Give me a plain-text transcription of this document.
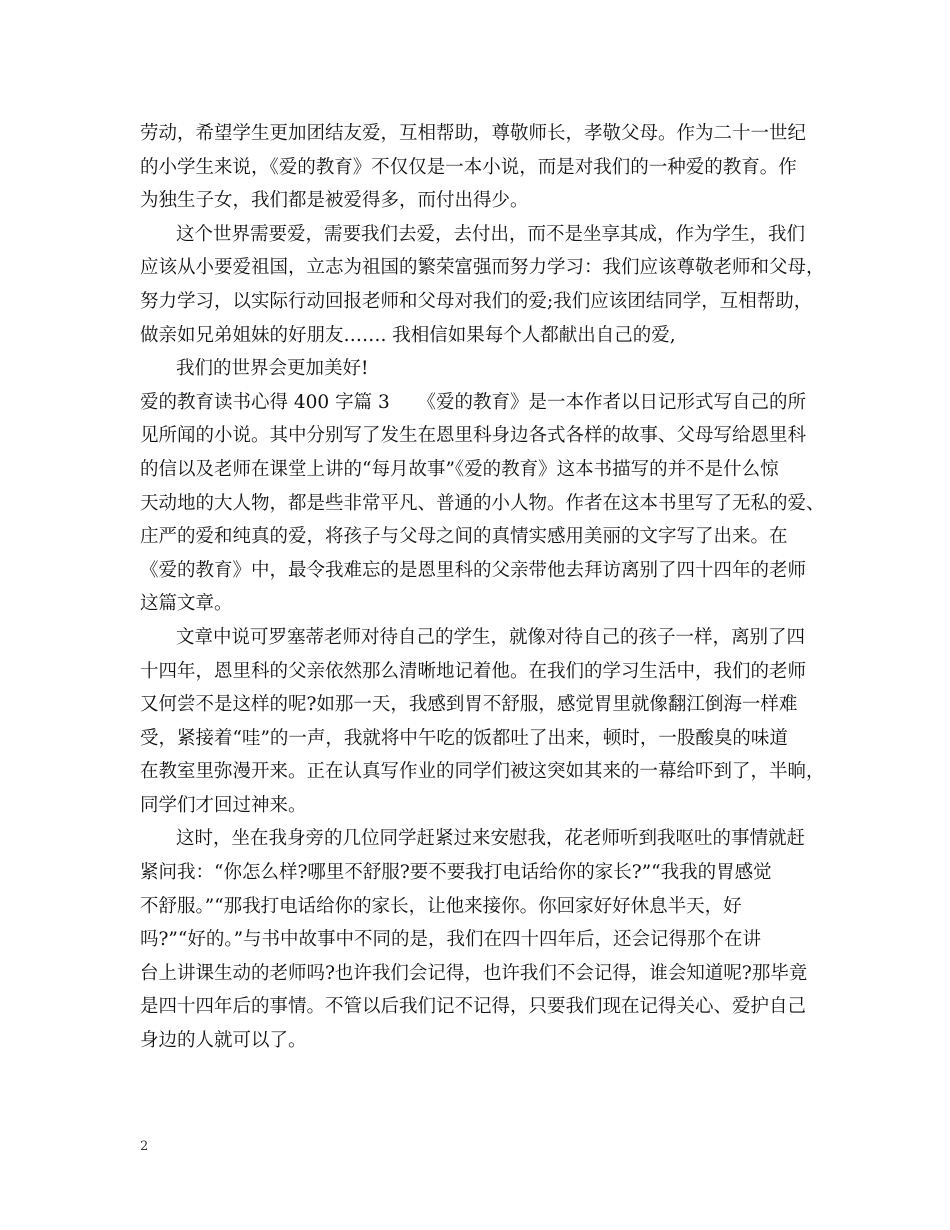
劳动，希望学生更加团结友爱，互相帮助，尊敬师长，孝敬父母。作为二十一世纪
的小学生来说，《爱的教育》不仅仅是一本小说，而是对我们的一种爱的教育。作
为独生子女，我们都是被爱得多，而付出得少。
这个世界需要爱，需要我们去爱，去付出，而不是坐享其成，作为学生，我们
应该从小要爱祖国，立志为祖国的繁荣富强而努力学习：我们应该尊敬老师和父母，
努力学习，以实际行动回报老师和父母对我们的爱;我们应该团结同学，互相帮助，
做亲如兄弟姐妹的好朋友……. 我相信如果每个人都献出自己的爱,
我们的世界会更加美好!
爱的教育读书心得 400 字篇 3　　《爱的教育》是一本作者以日记形式写自己的所
见所闻的小说。其中分别写了发生在恩里科身边各式各样的故事、父母写给恩里科
的信以及老师在课堂上讲的“每月故事”《爱的教育》这本书描写的并不是什么惊
天动地的大人物，都是些非常平凡、普通的小人物。作者在这本书里写了无私的爱、
庄严的爱和纯真的爱，将孩子与父母之间的真情实感用美丽的文字写了出来。在
《爱的教育》中，最令我难忘的是恩里科的父亲带他去拜访离别了四十四年的老师
这篇文章。
文章中说可罗塞蒂老师对待自己的学生，就像对待自己的孩子一样，离别了四
十四年，恩里科的父亲依然那么清晰地记着他。在我们的学习生活中，我们的老师
又何尝不是这样的呢?如那一天，我感到胃不舒服，感觉胃里就像翻江倒海一样难
受，紧接着“哇”的一声，我就将中午吃的饭都吐了出来，顿时，一股酸臭的味道
在教室里弥漫开来。正在认真写作业的同学们被这突如其来的一幕给吓到了，半晌，
同学们才回过神来。
这时，坐在我身旁的几位同学赶紧过来安慰我，花老师听到我呕吐的事情就赶
紧问我：“你怎么样?哪里不舒服?要不要我打电话给你的家长?”“我我的胃感觉
不舒服。”“那我打电话给你的家长，让他来接你。你回家好好休息半天，好
吗?”“好的。”与书中故事中不同的是，我们在四十四年后，还会记得那个在讲
台上讲课生动的老师吗?也许我们会记得，也许我们不会记得，谁会知道呢?那毕竟
是四十四年后的事情。不管以后我们记不记得，只要我们现在记得关心、爱护自己
身边的人就可以了。
2
